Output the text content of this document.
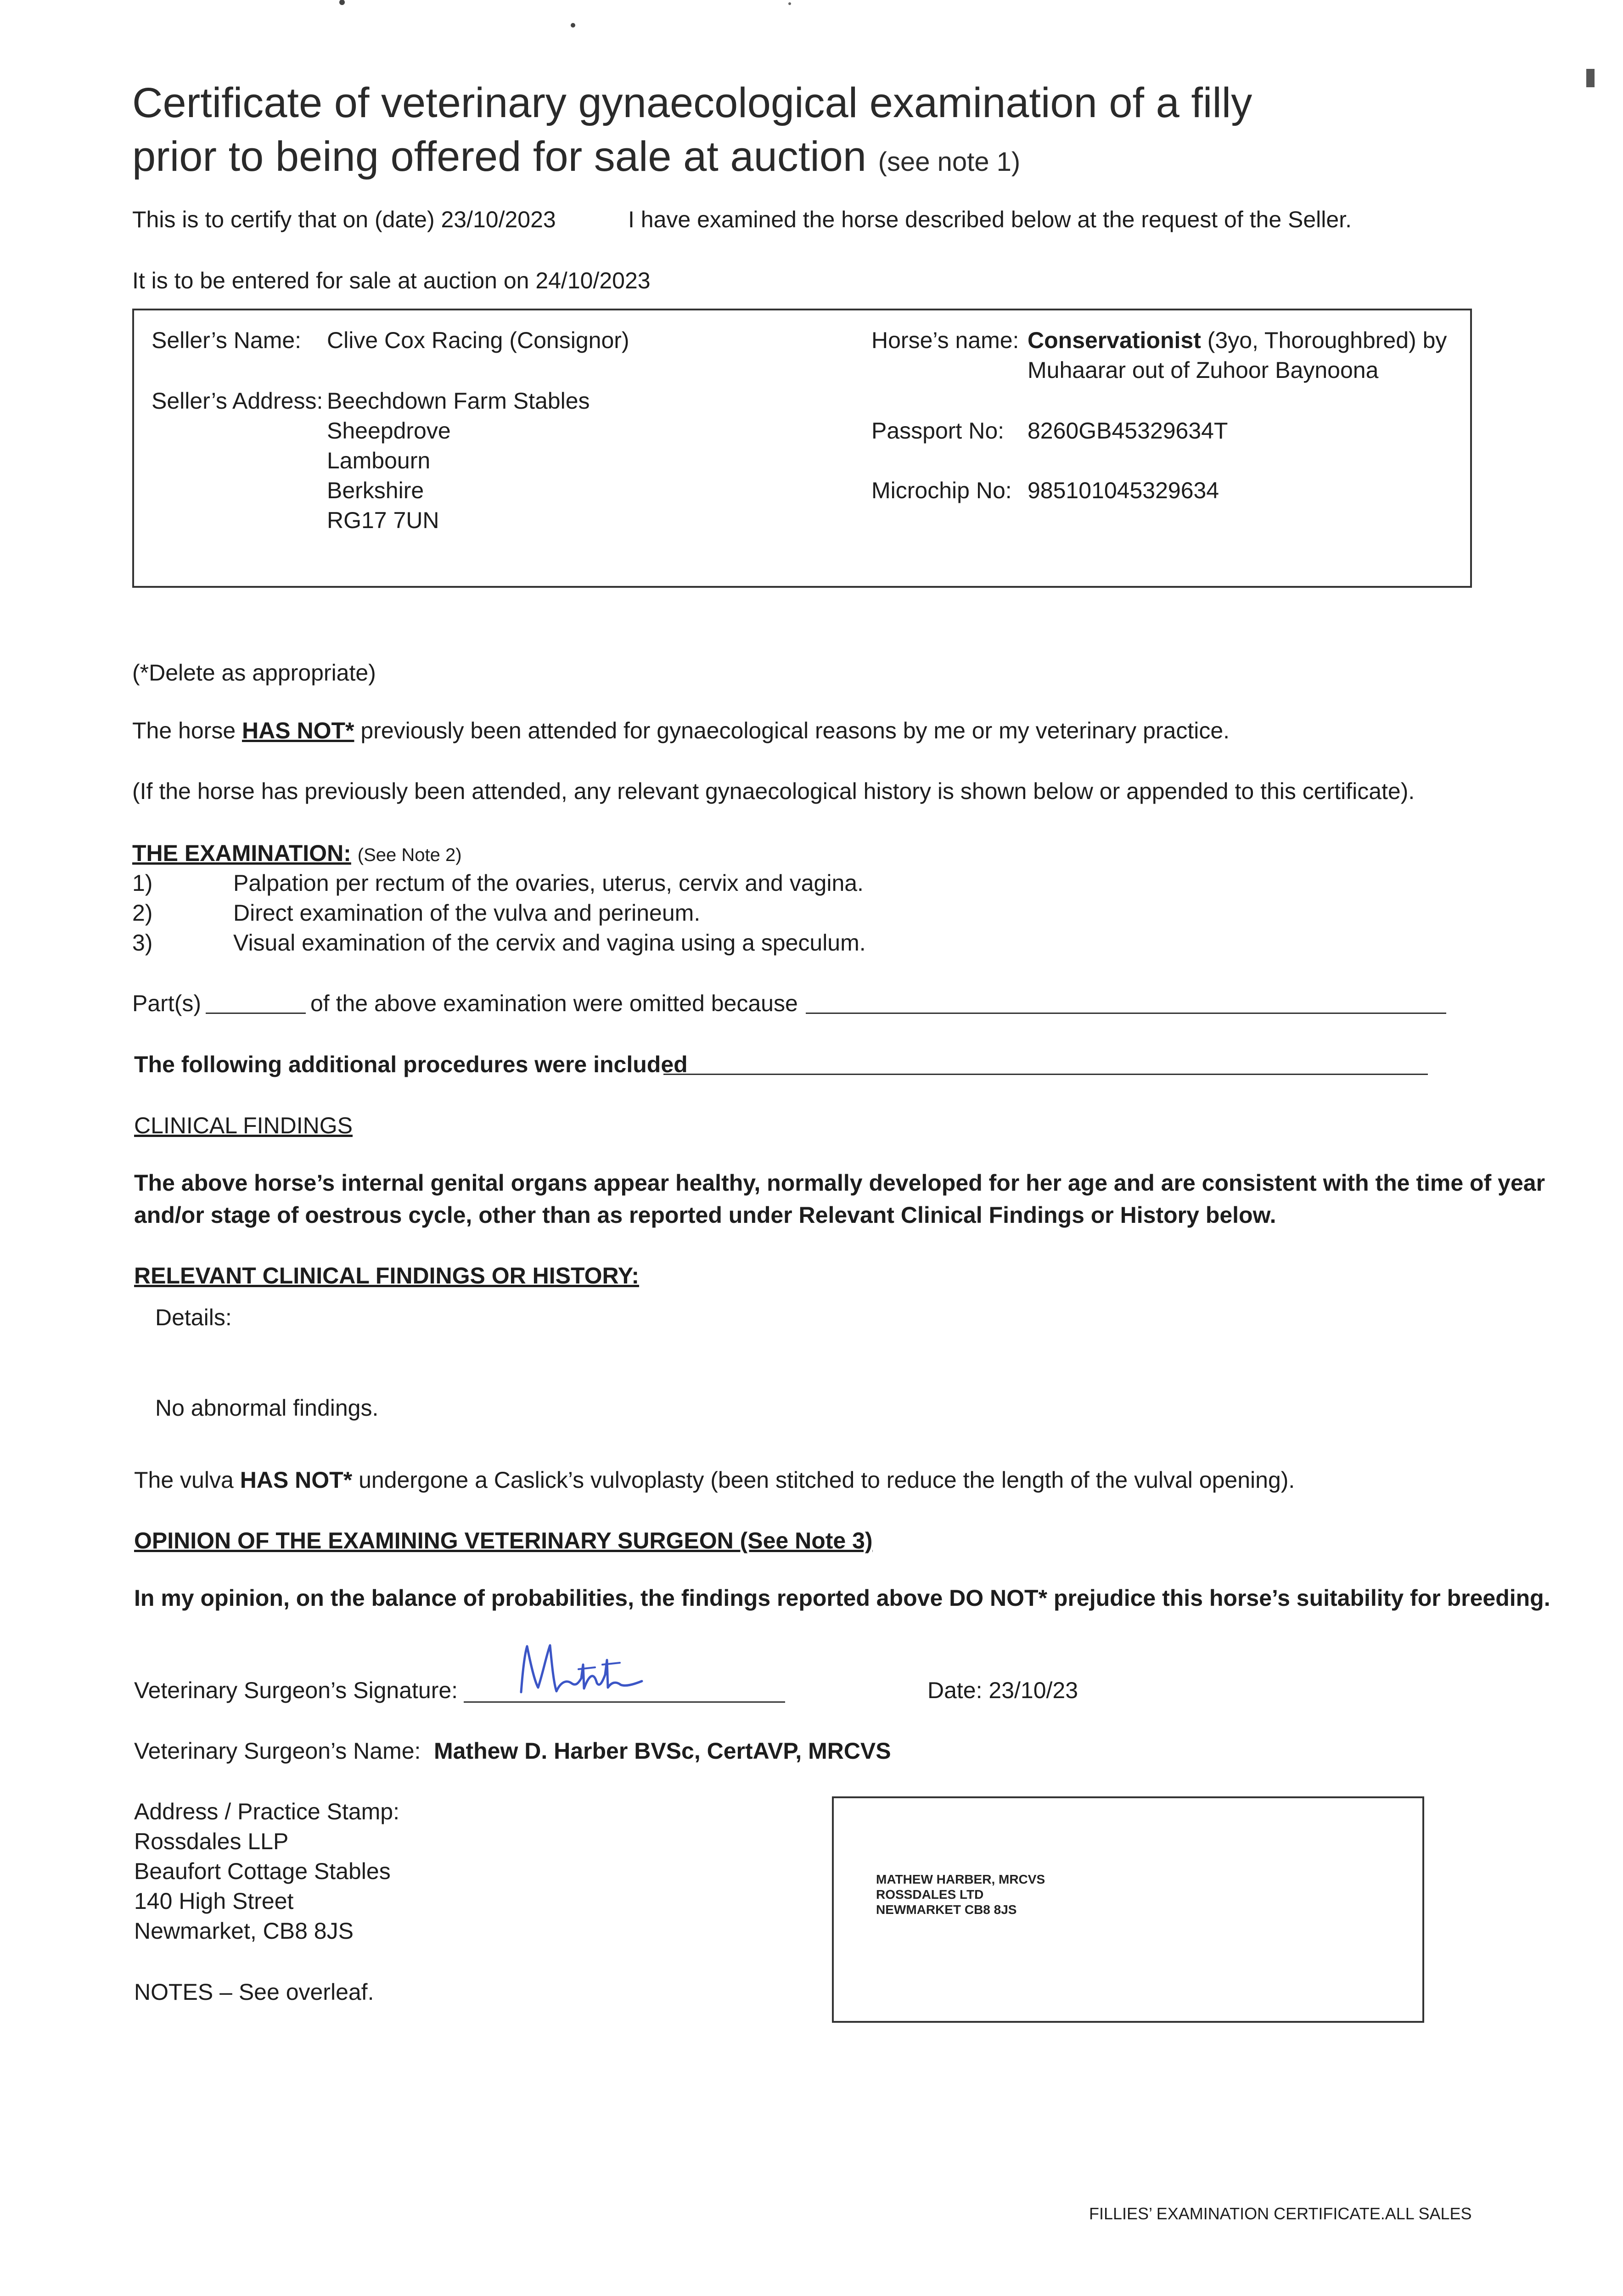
Certificate of veterinary gynaecological examination of a filly
prior to being offered for sale at auction (see note 1)
This is to certify that on (date) 23/10/2023	I have examined the horse described below at the request of the Seller.
It is to be entered for sale at auction on 24/10/2023
Seller’s Name: Clive Cox Racing (Consignor)
Seller’s Address: Beechdown Farm Stables
Sheepdrove
Lambourn
Berkshire
RG17 7UN
Horse’s name: Conservationist (3yo, Thoroughbred) by
Muhaarar out of Zuhoor Baynoona
Passport No: 8260GB45329634T
Microchip No: 985101045329634
(*Delete as appropriate)
The horse HAS NOT* previously been attended for gynaecological reasons by me or my veterinary practice.
(If the horse has previously been attended, any relevant gynaecological history is shown below or appended to this certificate).
THE EXAMINATION: (See Note 2)
1)	Palpation per rectum of the ovaries, uterus, cervix and vagina.
2)	Direct examination of the vulva and perineum.
3)	Visual examination of the cervix and vagina using a speculum.
Part(s)	of the above examination were omitted because
The following additional procedures were included
CLINICAL FINDINGS
The above horse’s internal genital organs appear healthy, normally developed for her age and are consistent with the time of year
and/or stage of oestrous cycle, other than as reported under Relevant Clinical Findings or History below.
RELEVANT CLINICAL FINDINGS OR HISTORY:
Details:
No abnormal findings.
The vulva HAS NOT* undergone a Caslick’s vulvoplasty (been stitched to reduce the length of the vulval opening).
OPINION OF THE EXAMINING VETERINARY SURGEON (See Note 3)
In my opinion, on the balance of probabilities, the findings reported above DO NOT* prejudice this horse’s suitability for breeding.
Veterinary Surgeon’s Signature:	Date: 23/10/23
Veterinary Surgeon’s Name: Mathew D. Harber BVSc, CertAVP, MRCVS
Address / Practice Stamp:
Rossdales LLP
Beaufort Cottage Stables
140 High Street
Newmarket, CB8 8JS
NOTES – See overleaf.
MATHEW HARBER, MRCVS
ROSSDALES LTD
NEWMARKET CB8 8JS
FILLIES’ EXAMINATION CERTIFICATE.ALL SALES
